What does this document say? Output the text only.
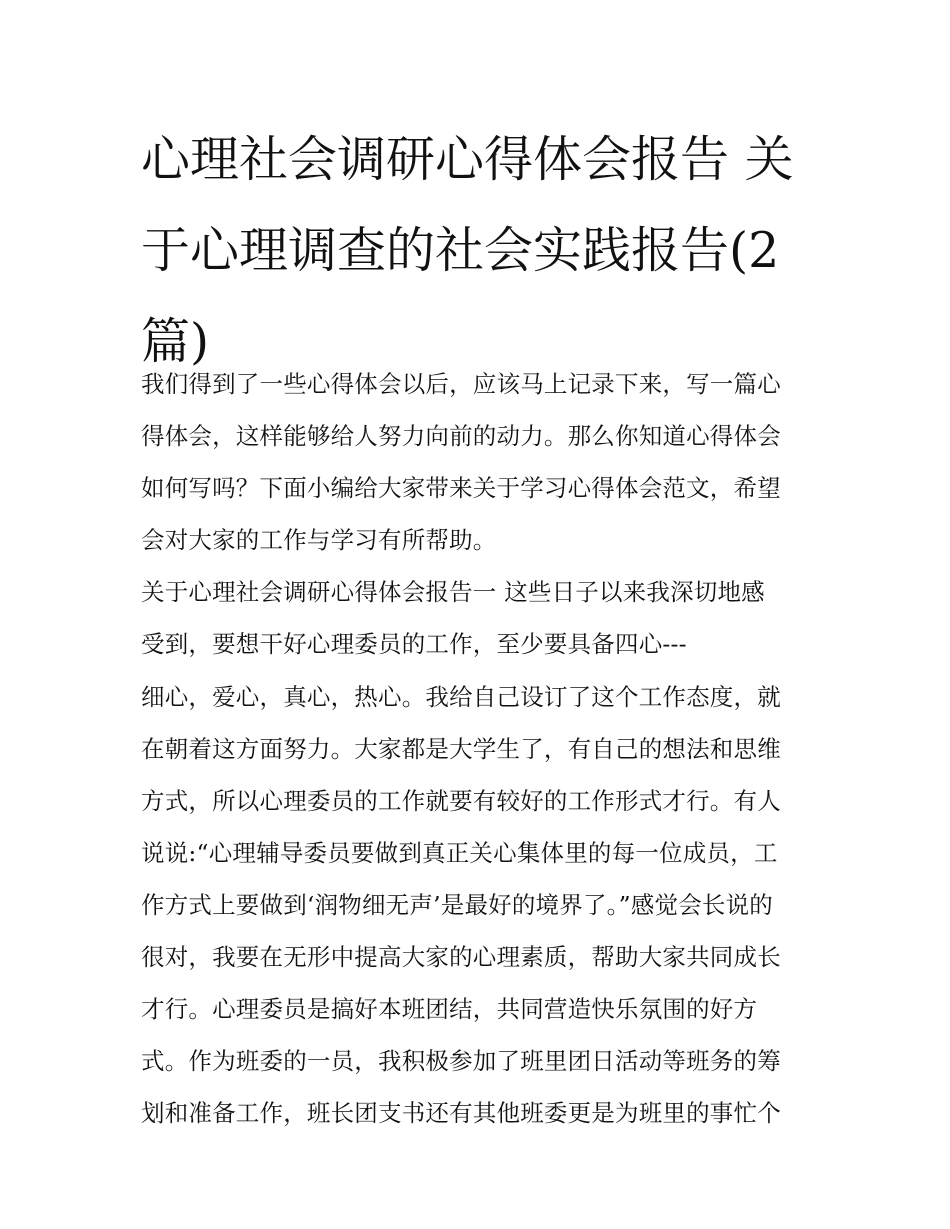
心理社会调研心得体会报告 关
于心理调查的社会实践报告(2
篇)
我们得到了一些心得体会以后，应该马上记录下来，写一篇心
得体会，这样能够给人努力向前的动力。那么你知道心得体会
如何写吗？下面小编给大家带来关于学习心得体会范文，希望
会对大家的工作与学习有所帮助。
关于心理社会调研心得体会报告一 这些日子以来我深切地感
受到，要想干好心理委员的工作，至少要具备四心---
细心，爱心，真心，热心。我给自己设订了这个工作态度，就
在朝着这方面努力。大家都是大学生了，有自己的想法和思维
方式，所以心理委员的工作就要有较好的工作形式才行。有人
说说:“心理辅导委员要做到真正关心集体里的每一位成员，工
作方式上要做到‘润物细无声’是最好的境界了。”感觉会长说的
很对，我要在无形中提高大家的心理素质，帮助大家共同成长
才行。心理委员是搞好本班团结，共同营造快乐氛围的好方
式。作为班委的一员，我积极参加了班里团日活动等班务的筹
划和准备工作，班长团支书还有其他班委更是为班里的事忙个
